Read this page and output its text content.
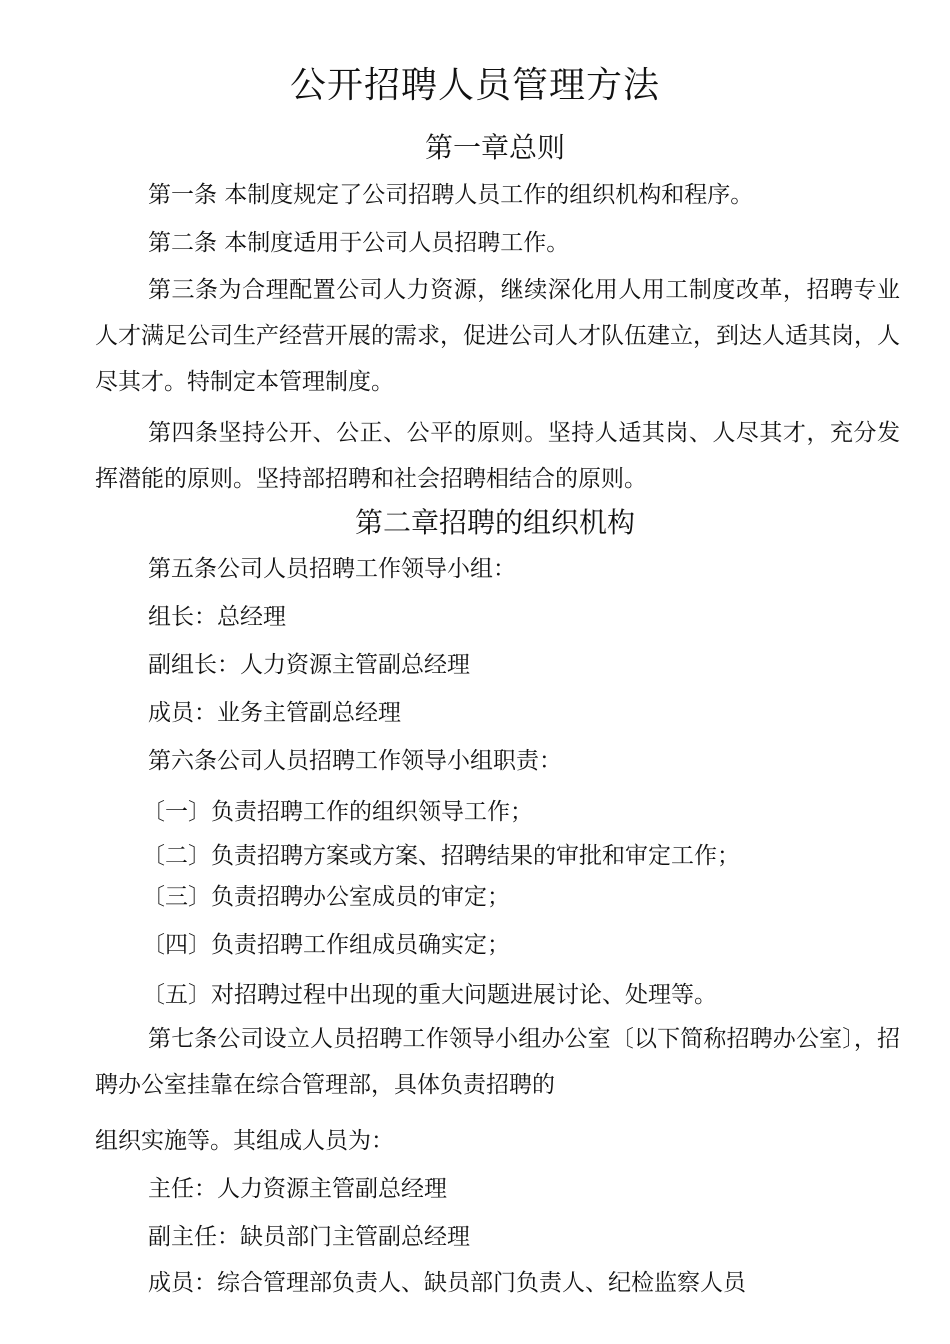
公开招聘人员管理方法
第一章总则
第一条 本制度规定了公司招聘人员工作的组织机构和程序。
第二条 本制度适用于公司人员招聘工作。
第三条为合理配置公司人力资源，继续深化用人用工制度改革，招聘专业人才满足公司生产经营开展的需求，促进公司人才队伍建立，到达人适其岗，人尽其才。特制定本管理制度。
第四条坚持公开、公正、公平的原则。坚持人适其岗、人尽其才，充分发挥潜能的原则。坚持部招聘和社会招聘相结合的原则。
第二章招聘的组织机构
第五条公司人员招聘工作领导小组：
组长：总经理
副组长：人力资源主管副总经理
成员：业务主管副总经理
第六条公司人员招聘工作领导小组职责：
〔一〕负责招聘工作的组织领导工作；
〔二〕负责招聘方案或方案、招聘结果的审批和审定工作；
〔三〕负责招聘办公室成员的审定；
〔四〕负责招聘工作组成员确实定；
〔五〕对招聘过程中出现的重大问题进展讨论、处理等。
第七条公司设立人员招聘工作领导小组办公室〔以下简称招聘办公室〕，招聘办公室挂靠在综合管理部，具体负责招聘的
组织实施等。其组成人员为：
主任：人力资源主管副总经理
副主任：缺员部门主管副总经理
成员：综合管理部负责人、缺员部门负责人、纪检监察人员
